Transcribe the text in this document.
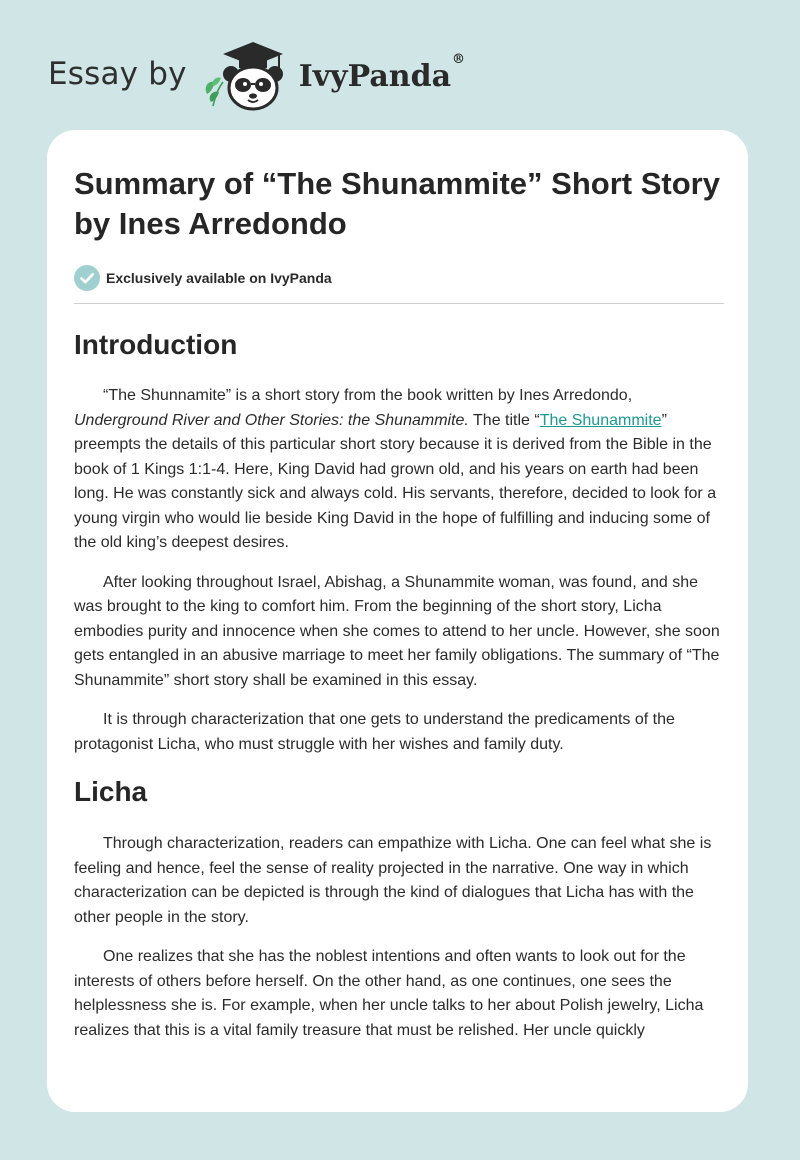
Essay by	IvyPanda®
Summary of “The Shunammite” Short Story by Ines Arredondo
Exclusively available on IvyPanda
Introduction

“The Shunnamite” is a short story from the book written by Ines Arredondo, Underground River and Other Stories: the Shunammite. The title “The Shunammite” preempts the details of this particular short story because it is derived from the Bible in the book of 1 Kings 1:1-4. Here, King David had grown old, and his years on earth had been long. He was constantly sick and always cold. His servants, therefore, decided to look for a young virgin who would lie beside King David in the hope of fulfilling and inducing some of the old king’s deepest desires.

After looking throughout Israel, Abishag, a Shunammite woman, was found, and she was brought to the king to comfort him. From the beginning of the short story, Licha embodies purity and innocence when she comes to attend to her uncle. However, she soon gets entangled in an abusive marriage to meet her family obligations. The summary of “The Shunammite” short story shall be examined in this essay.

It is through characterization that one gets to understand the predicaments of the protagonist Licha, who must struggle with her wishes and family duty.

Licha

Through characterization, readers can empathize with Licha. One can feel what she is feeling and hence, feel the sense of reality projected in the narrative. One way in which characterization can be depicted is through the kind of dialogues that Licha has with the other people in the story.

One realizes that she has the noblest intentions and often wants to look out for the interests of others before herself. On the other hand, as one continues, one sees the helplessness she is. For example, when her uncle talks to her about Polish jewelry, Licha realizes that this is a vital family treasure that must be relished. Her uncle quickly
